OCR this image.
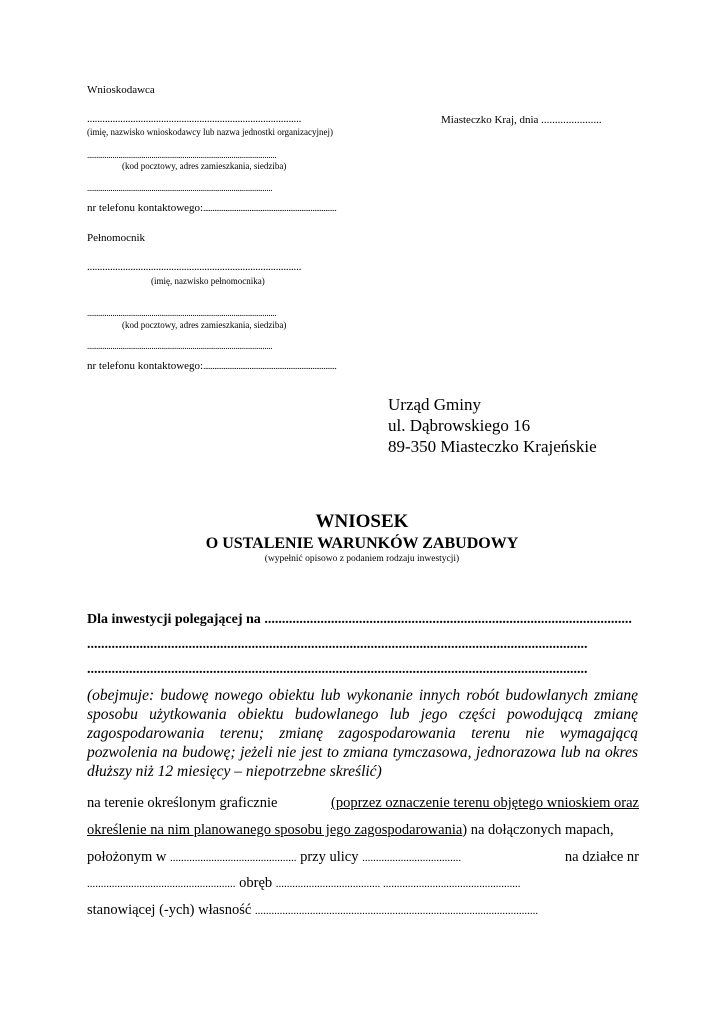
Wnioskodawca
....................................................................................
(imię, nazwisko wnioskodawcy lub nazwa jednostki organizacyjnej)
.................................................................................................
(kod pocztowy, adres zamieszkania, siedziba)
...............................................................................................
nr telefonu kontaktowego:........................................................................
Miasteczko Kraj, dnia ......................
Pełnomocnik
....................................................................................
(imię, nazwisko pełnomocnika)
.................................................................................................
(kod pocztowy, adres zamieszkania, siedziba)
...............................................................................................
nr telefonu kontaktowego:........................................................................
Urząd Gminy
ul. Dąbrowskiego 16
89-350 Miasteczko Krajeńskie
WNIOSEK
O USTALENIE WARUNKÓW ZABUDOWY
(wypełnić opisowo z podaniem rodzaju inwestycji)
Dla inwestycji polegającej na .........................................................................................................
...............................................................................................................................................
...............................................................................................................................................
(obejmuje: budowę nowego obiektu lub wykonanie innych robót budowlanych zmianę sposobu użytkowania obiektu budowlanego lub jego części powodującą zmianę zagospodarowania terenu; zmianę zagospodarowania terenu nie wymagającą pozwolenia na budowę; jeżeli nie jest to zmiana tymczasowa, jednorazowa lub na okres dłuższy niż 12 miesięcy – niepotrzebne skreślić)
na terenie określonym graficznie	(poprzez oznaczenie terenu objętego wnioskiem oraz
określenie na nim planowanego sposobu jego zagospodarowania) na dołączonych mapach,
położonym w .............................................. przy ulicy ....................................	na działce nr
...................................................... obręb ...................................... ..................................................
stanowiącej (-ych) własność .......................................................................................................
